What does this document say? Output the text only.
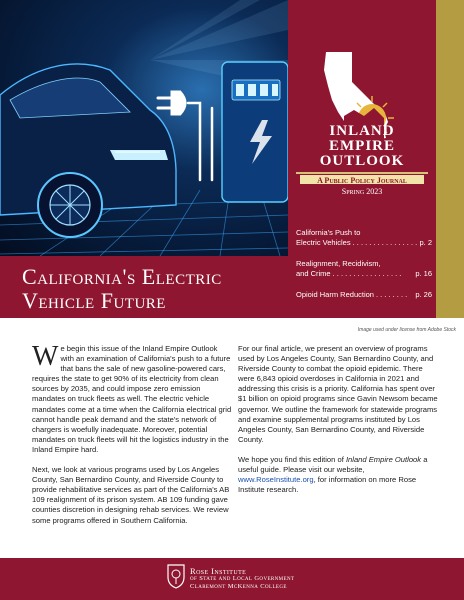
INLAND
EMPIRE
OUTLOOK
A Public Policy Journal
Spring 2023
California's Push to
Electric Vehicles . . . . . . . . . . . . . . . . p. 2
Realignment, Recidivism,
and Crime . . . . . . . . . . . . . . . . .	p. 16
Opioid Harm Reduction . . . . . . . .	p. 26
California's Electric
Vehicle Future
Image used under license from Adobe Stock

We begin this issue of the Inland Empire Outlook with an examination of California's push to a future that bans the sale of new gasoline-powered cars, requires the state to get 90% of its electricity from clean sources by 2035, and could impose zero emission mandates on truck fleets as well. The electric vehicle mandates come at a time when the California electrical grid cannot handle peak demand and the state's network of chargers is woefully inadequate. Moreover, potential mandates on truck fleets will hit the logistics industry in the Inland Empire hard.

Next, we look at various programs used by Los Angeles County, San Bernardino County, and Riverside County to provide rehabilitative services as part of the California's AB 109 realignment of its prison system. AB 109 funding gave counties discretion in designing rehab services. We review some programs offered in Southern California.

For our final article, we present an overview of programs used by Los Angeles County, San Bernardino County, and Riverside County to combat the opioid epidemic. There were 6,843 opioid overdoses in California in 2021 and addressing this crisis is a priority. California has spent over $1 billion on opioid programs since Gavin Newsom became governor. We outline the framework for statewide programs and examine supplemental programs instituted by Los Angeles County, San Bernardino County, and Riverside County.

We hope you find this edition of Inland Empire Outlook a useful guide. Please visit our website, www.RoseInstitute.org, for information on more Rose Institute research.

Rose Institute
of State and Local Government
Claremont McKenna College
